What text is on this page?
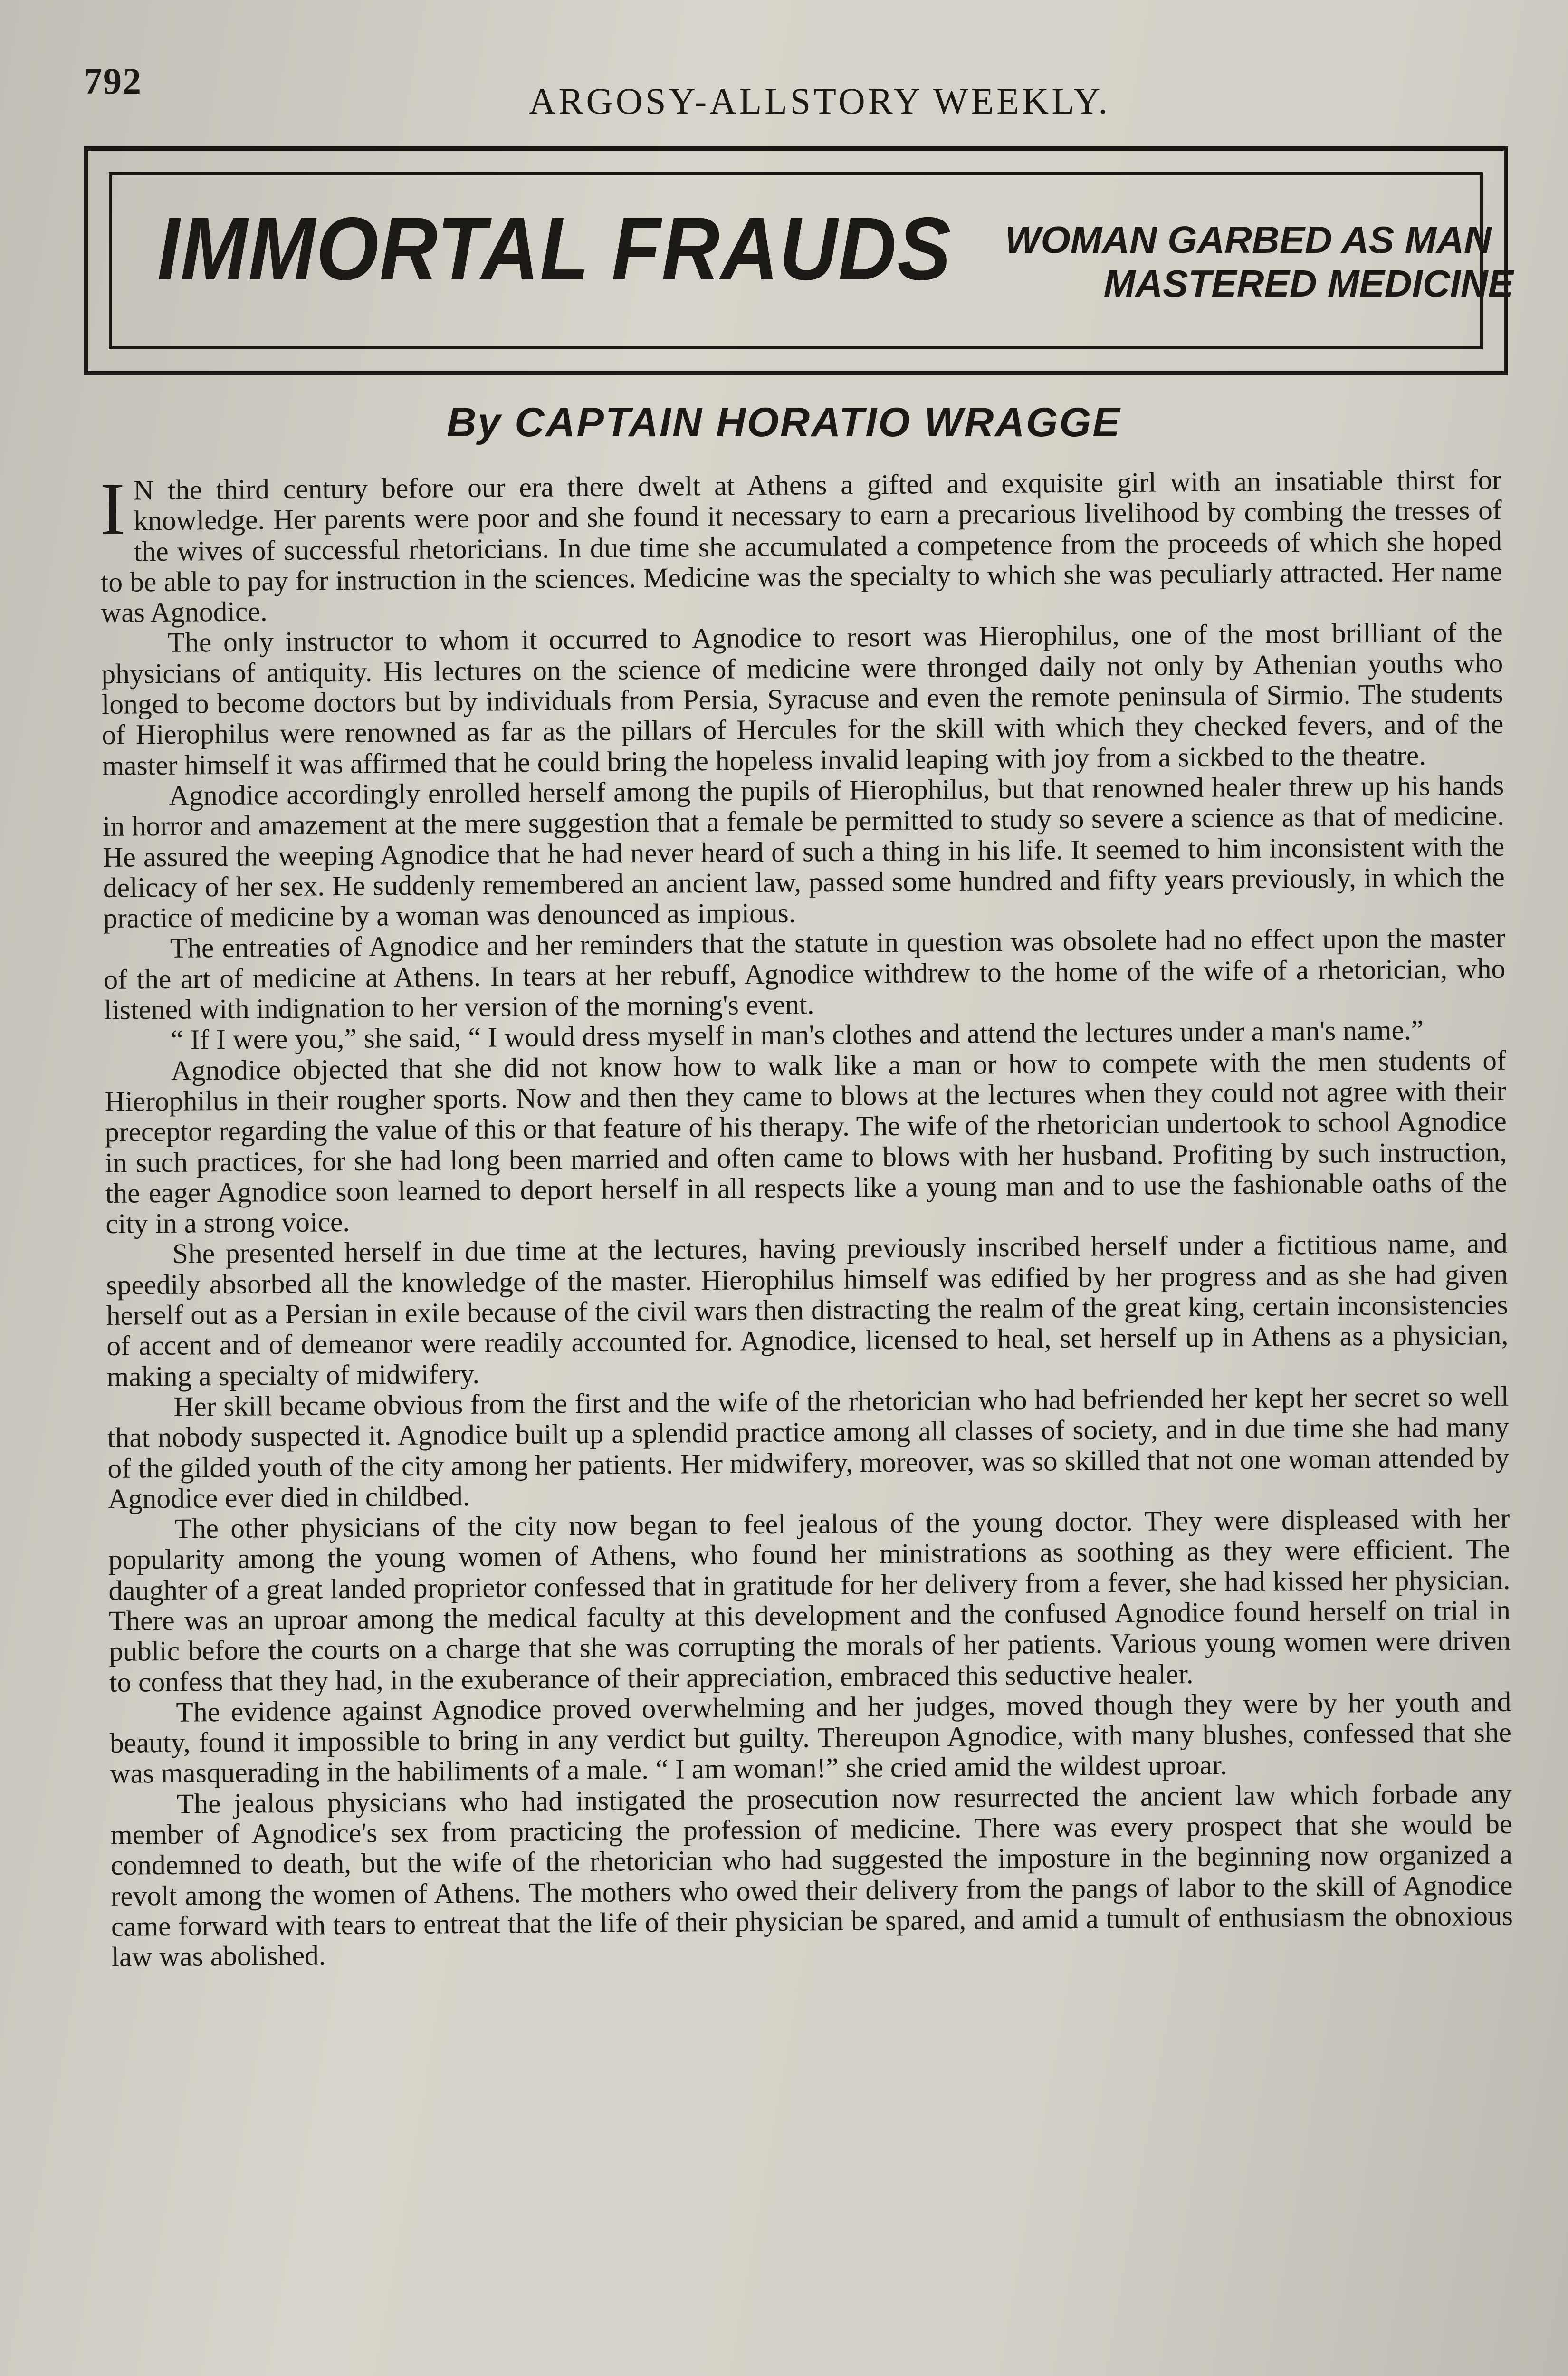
792	ARGOSY-ALLSTORY WEEKLY.
IMMORTAL FRAUDS WOMAN GARBED AS MAN
MASTERED MEDICINE
By CAPTAIN HORATIO WRAGGE

I N the third century before our era there dwelt at Athens a gifted and exquisite girl with an insatiable thirst for knowledge. Her parents were poor and she found it necessary to earn a precarious livelihood by combing the tresses of the wives of successful rhetoricians. In due time she accumulated a competence from the proceeds of which she hoped to be able to pay for instruction in the sciences. Medicine was the specialty to which she was peculiarly attracted. Her name was Agnodice.

The only instructor to whom it occurred to Agnodice to resort was Hierophilus, one of the most brilliant of the physicians of antiquity. His lectures on the science of medicine were thronged daily not only by Athenian youths who longed to become doctors but by individuals from Persia, Syracuse and even the remote peninsula of Sirmio. The students of Hierophilus were renowned as far as the pillars of Hercules for the skill with which they checked fevers, and of the master himself it was affirmed that he could bring the hopeless invalid leaping with joy from a sickbed to the theatre.

Agnodice accordingly enrolled herself among the pupils of Hierophilus, but that renowned healer threw up his hands in horror and amazement at the mere suggestion that a female be permitted to study so severe a science as that of medicine. He assured the weeping Agnodice that he had never heard of such a thing in his life. It seemed to him inconsistent with the delicacy of her sex. He suddenly remembered an ancient law, passed some hundred and fifty years previously, in which the practice of medicine by a woman was denounced as impious.

The entreaties of Agnodice and her reminders that the statute in question was obsolete had no effect upon the master of the art of medicine at Athens. In tears at her rebuff, Agnodice withdrew to the home of the wife of a rhetorician, who listened with indignation to her version of the morning's event.

“ If I were you,” she said, “ I would dress myself in man's clothes and attend the lectures under a man's name.”

Agnodice objected that she did not know how to walk like a man or how to compete with the men students of Hierophilus in their rougher sports. Now and then they came to blows at the lectures when they could not agree with their preceptor regarding the value of this or that feature of his therapy. The wife of the rhetorician undertook to school Agnodice in such practices, for she had long been married and often came to blows with her husband. Profiting by such instruction, the eager Agnodice soon learned to deport herself in all respects like a young man and to use the fashionable oaths of the city in a strong voice.

She presented herself in due time at the lectures, having previously inscribed herself under a fictitious name, and speedily absorbed all the knowledge of the master. Hierophilus himself was edified by her progress and as she had given herself out as a Persian in exile because of the civil wars then distracting the realm of the great king, certain inconsistencies of accent and of demeanor were readily accounted for. Agnodice, licensed to heal, set herself up in Athens as a physician, making a specialty of midwifery.

Her skill became obvious from the first and the wife of the rhetorician who had befriended her kept her secret so well that nobody suspected it. Agnodice built up a splendid practice among all classes of society, and in due time she had many of the gilded youth of the city among her patients. Her midwifery, moreover, was so skilled that not one woman attended by Agnodice ever died in childbed.

The other physicians of the city now began to feel jealous of the young doctor. They were displeased with her popularity among the young women of Athens, who found her ministrations as soothing as they were efficient. The daughter of a great landed proprietor confessed that in gratitude for her delivery from a fever, she had kissed her physician. There was an uproar among the medical faculty at this development and the confused Agnodice found herself on trial in public before the courts on a charge that she was corrupting the morals of her patients. Various young women were driven to confess that they had, in the exuberance of their appreciation, embraced this seductive healer.

The evidence against Agnodice proved overwhelming and her judges, moved though they were by her youth and beauty, found it impossible to bring in any verdict but guilty. Thereupon Agnodice, with many blushes, confessed that she was masquerading in the habiliments of a male. “ I am woman!” she cried amid the wildest uproar.

The jealous physicians who had instigated the prosecution now resurrected the ancient law which forbade any member of Agnodice's sex from practicing the profession of medicine. There was every prospect that she would be condemned to death, but the wife of the rhetorician who had suggested the imposture in the beginning now organized a revolt among the women of Athens. The mothers who owed their delivery from the pangs of labor to the skill of Agnodice came forward with tears to entreat that the life of their physician be spared, and amid a tumult of enthusiasm the obnoxious law was abolished.
